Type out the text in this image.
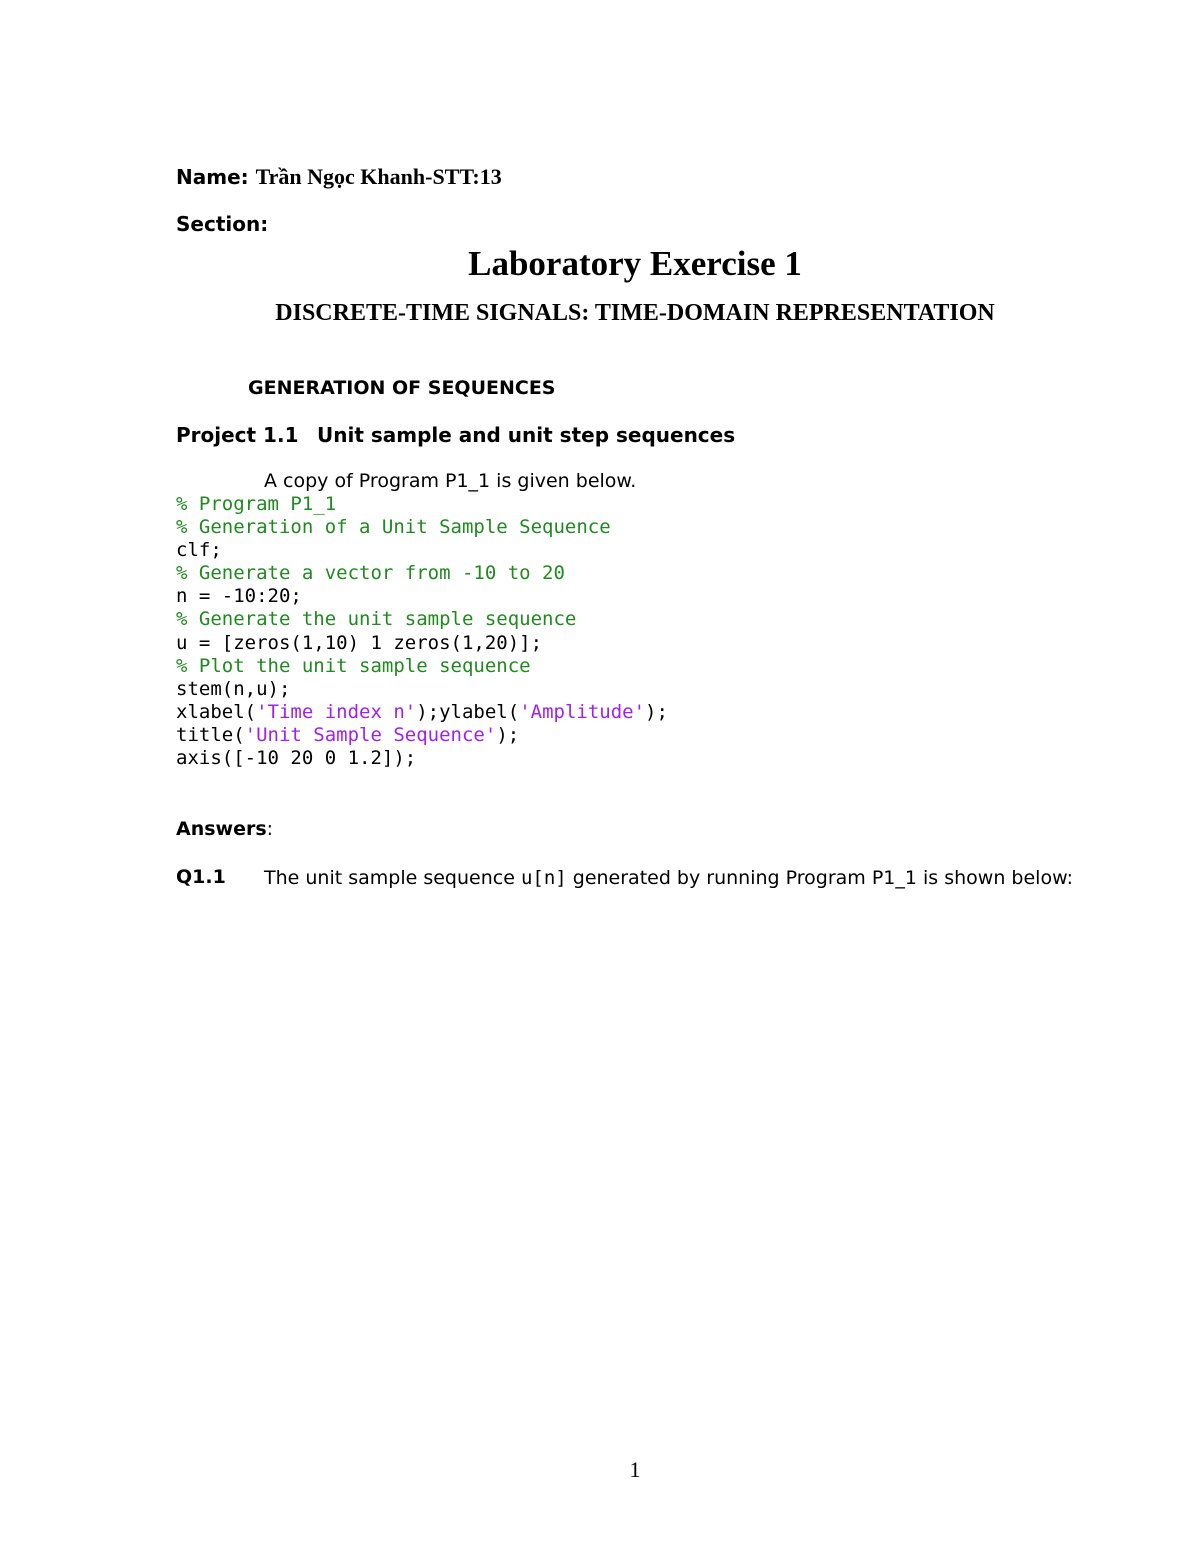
Name: Trần Ngọc Khanh-STT:13
Section:
Laboratory Exercise 1
DISCRETE-TIME SIGNALS: TIME-DOMAIN REPRESENTATION
GENERATION OF SEQUENCES
Project 1.1 Unit sample and unit step sequences
A copy of Program P1_1 is given below.
% Program P1_1
% Generation of a Unit Sample Sequence
clf;
% Generate a vector from -10 to 20
n = -10:20;
% Generate the unit sample sequence
u = [zeros(1,10) 1 zeros(1,20)];
% Plot the unit sample sequence
stem(n,u);
xlabel('Time index n');ylabel('Amplitude');
title('Unit Sample Sequence');
axis([-10 20 0 1.2]);
Answers:
Q1.1 The unit sample sequence u[n] generated by running Program P1_1 is shown below:
1
